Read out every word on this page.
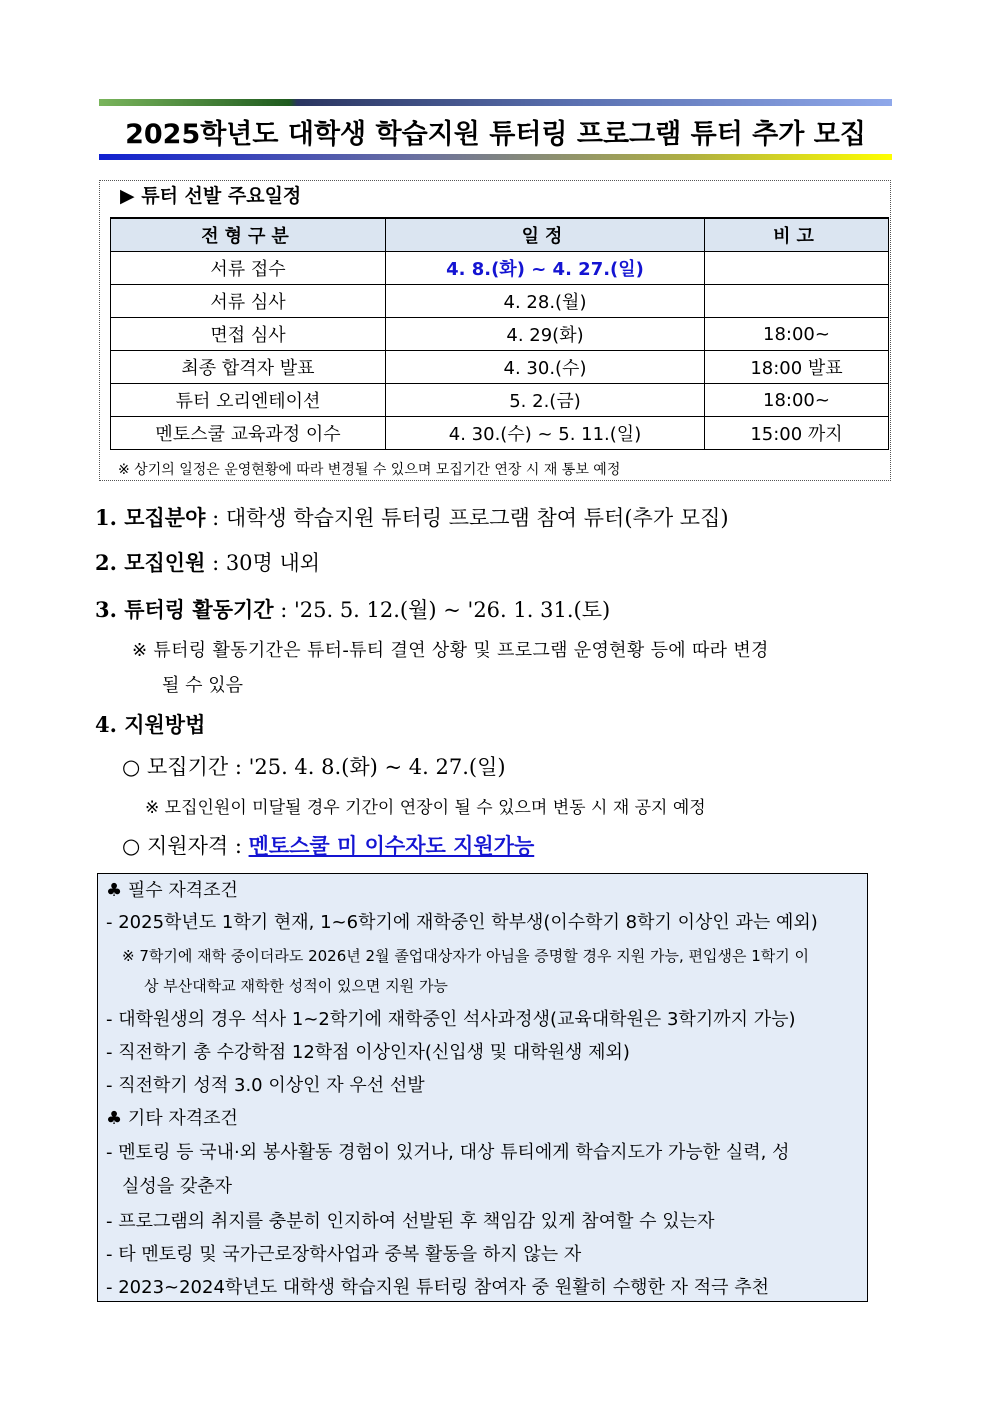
2025학년도 대학생 학습지원 튜터링 프로그램 튜터 추가 모집
▶ 튜터 선발 주요일정
전형구분	일정	비고
서류 접수	4. 8.(화) ~ 4. 27.(일)	
서류 심사	4. 28.(월)	
면접 심사	4. 29(화)	18:00~
최종 합격자 발표	4. 30.(수)	18:00 발표
튜터 오리엔테이션	5. 2.(금)	18:00~
멘토스쿨 교육과정 이수	4. 30.(수) ~ 5. 11.(일)	15:00 까지
※ 상기의 일정은 운영현황에 따라 변경될 수 있으며 모집기간 연장 시 재 통보 예정
1. 모집분야 : 대학생 학습지원 튜터링 프로그램 참여 튜터(추가 모집)
2. 모집인원 : 30명 내외
3. 튜터링 활동기간 : '25. 5. 12.(월) ~ '26. 1. 31.(토)
※ 튜터링 활동기간은 튜터-튜티 결연 상황 및 프로그램 운영현황 등에 따라 변경
될 수 있음
4. 지원방법
○ 모집기간 : '25. 4. 8.(화) ~ 4. 27.(일)
※ 모집인원이 미달될 경우 기간이 연장이 될 수 있으며 변동 시 재 공지 예정
○ 지원자격 : 멘토스쿨 미 이수자도 지원가능
♣ 필수 자격조건
- 2025학년도 1학기 현재, 1~6학기에 재학중인 학부생(이수학기 8학기 이상인 과는 예외)
※ 7학기에 재학 중이더라도 2026년 2월 졸업대상자가 아님을 증명할 경우 지원 가능, 편입생은 1학기 이
상 부산대학교 재학한 성적이 있으면 지원 가능
- 대학원생의 경우 석사 1~2학기에 재학중인 석사과정생(교육대학원은 3학기까지 가능)
- 직전학기 총 수강학점 12학점 이상인자(신입생 및 대학원생 제외)
- 직전학기 성적 3.0 이상인 자 우선 선발
♣ 기타 자격조건
- 멘토링 등 국내·외 봉사활동 경험이 있거나, 대상 튜티에게 학습지도가 가능한 실력, 성
실성을 갖춘자
- 프로그램의 취지를 충분히 인지하여 선발된 후 책임감 있게 참여할 수 있는자
- 타 멘토링 및 국가근로장학사업과 중복 활동을 하지 않는 자
- 2023~2024학년도 대학생 학습지원 튜터링 참여자 중 원활히 수행한 자 적극 추천
